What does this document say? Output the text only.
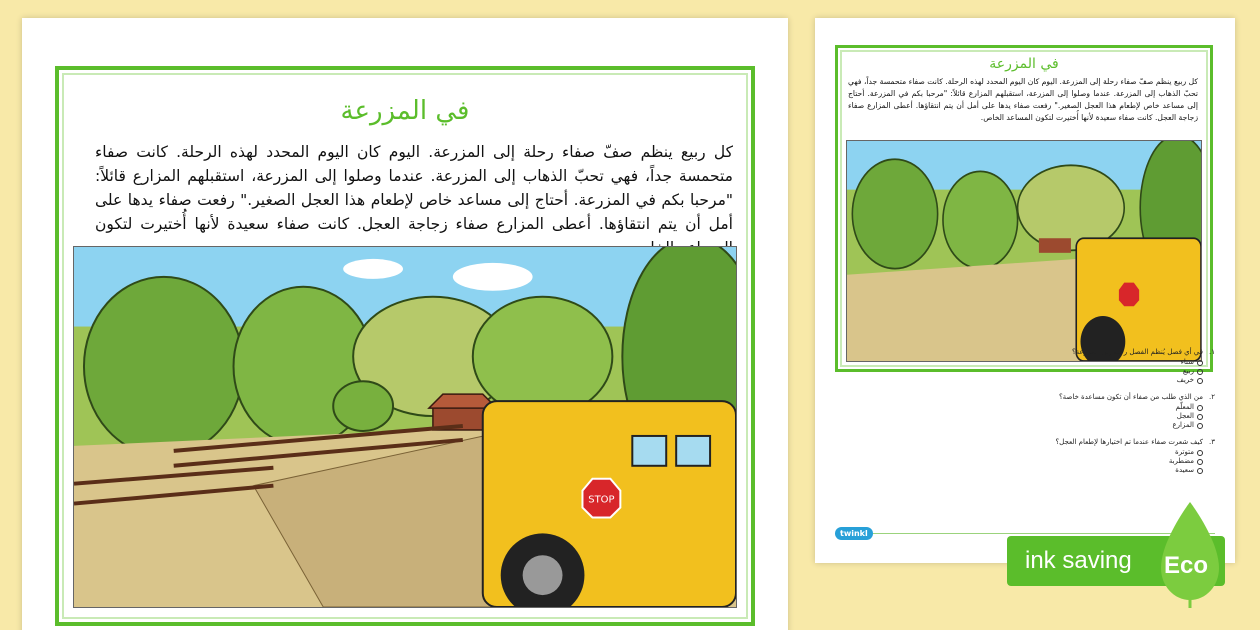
في المزرعة
كل ربيع ينظم صفّ صفاء رحلة إلى المزرعة. اليوم كان اليوم المحدد لهذه الرحلة. كانت صفاء متحمسة جداً، فهي تحبّ الذهاب إلى المزرعة. عندما وصلوا إلى المزرعة، استقبلهم المزارع قائلاً: "مرحبا بكم في المزرعة. أحتاج إلى مساعد خاص لإطعام هذا العجل الصغير." رفعت صفاء يدها على أمل أن يتم انتقاؤها. أعطى المزارع صفاء زجاجة العجل. كانت صفاء سعيدة لأنها أُختيرت لتكون
STOP
في المزرعة
كل ربيع ينظم صفّ صفاء رحلة إلى المزرعة. اليوم كان اليوم المحدد لهذه الرحلة. كانت صفاء متحمسة جداً، فهي تحبّ الذهاب إلى المزرعة. عندما وصلوا إلى المزرعة، استقبلهم المزارع قائلاً: "مرحبا بكم في المزرعة. أحتاج إلى مساعد خاص لإطعام هذا العجل الصغير." رفعت صفاء يدها على أمل أن يتم انتقاؤها. أعطى المزارع صفاء زجاجة العجل. كانت صفاء سعيدة لأنها أُختيرت لتكون المساعد الخاص.
١.
في أي فصل يُنظم الفصل رحلة إلى المزرعة؟
شتاء
ربيع
خريف
٢.
من الذي طلب من صفاء أن تكون مساعدة خاصة؟
المعلّم
العجل
المزارع
٣.
كيف شعرت صفاء عندما تم اختيارها لإطعام العجل؟
متوترة
مضطربة
سعيدة
twinkl
ink saving Eco
